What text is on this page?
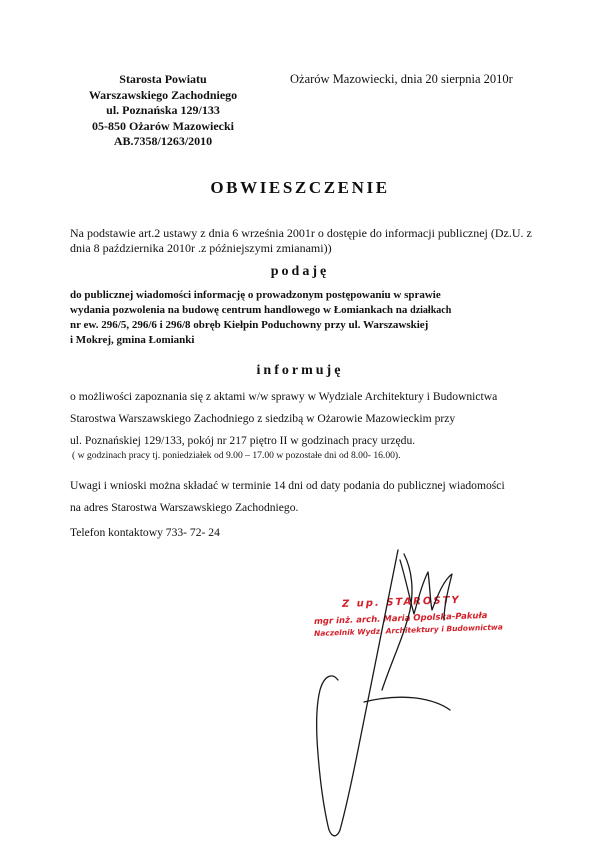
Starosta Powiatu
Warszawskiego Zachodniego
ul. Poznańska 129/133
05-850 Ożarów Mazowiecki
AB.7358/1263/2010
Ożarów Mazowiecki, dnia 20 sierpnia 2010r
OBWIESZCZENIE
Na podstawie art.2 ustawy z dnia 6 września 2001r o dostępie do informacji publicznej (Dz.U. z dnia 8 października 2010r .z późniejszymi zmianami))
podaję
do publicznej wiadomości informację o prowadzonym postępowaniu w sprawie
wydania pozwolenia na budowę centrum handlowego w Łomiankach na działkach
nr ew. 296/5, 296/6 i 296/8 obręb Kiełpin Poduchowny przy ul. Warszawskiej
i Mokrej, gmina Łomianki
informuję
o możliwości zapoznania się z aktami w/w sprawy w Wydziale Architektury i Budownictwa
Starostwa Warszawskiego Zachodniego z siedzibą w Ożarowie Mazowieckim przy
ul. Poznańskiej 129/133, pokój nr 217 piętro II w godzinach pracy urzędu.
( w godzinach pracy tj. poniedziałek od 9.00 – 17.00 w pozostałe dni od 8.00- 16.00).
Uwagi i wnioski można składać w terminie 14 dni od daty podania do publicznej wiadomości
na adres Starostwa Warszawskiego Zachodniego.
Telefon kontaktowy 733- 72- 24
Z up. STAROSTY
mgr inż. arch. Maria Opolska-Pakuła
Naczelnik Wydz. Architektury i Budownictwa
